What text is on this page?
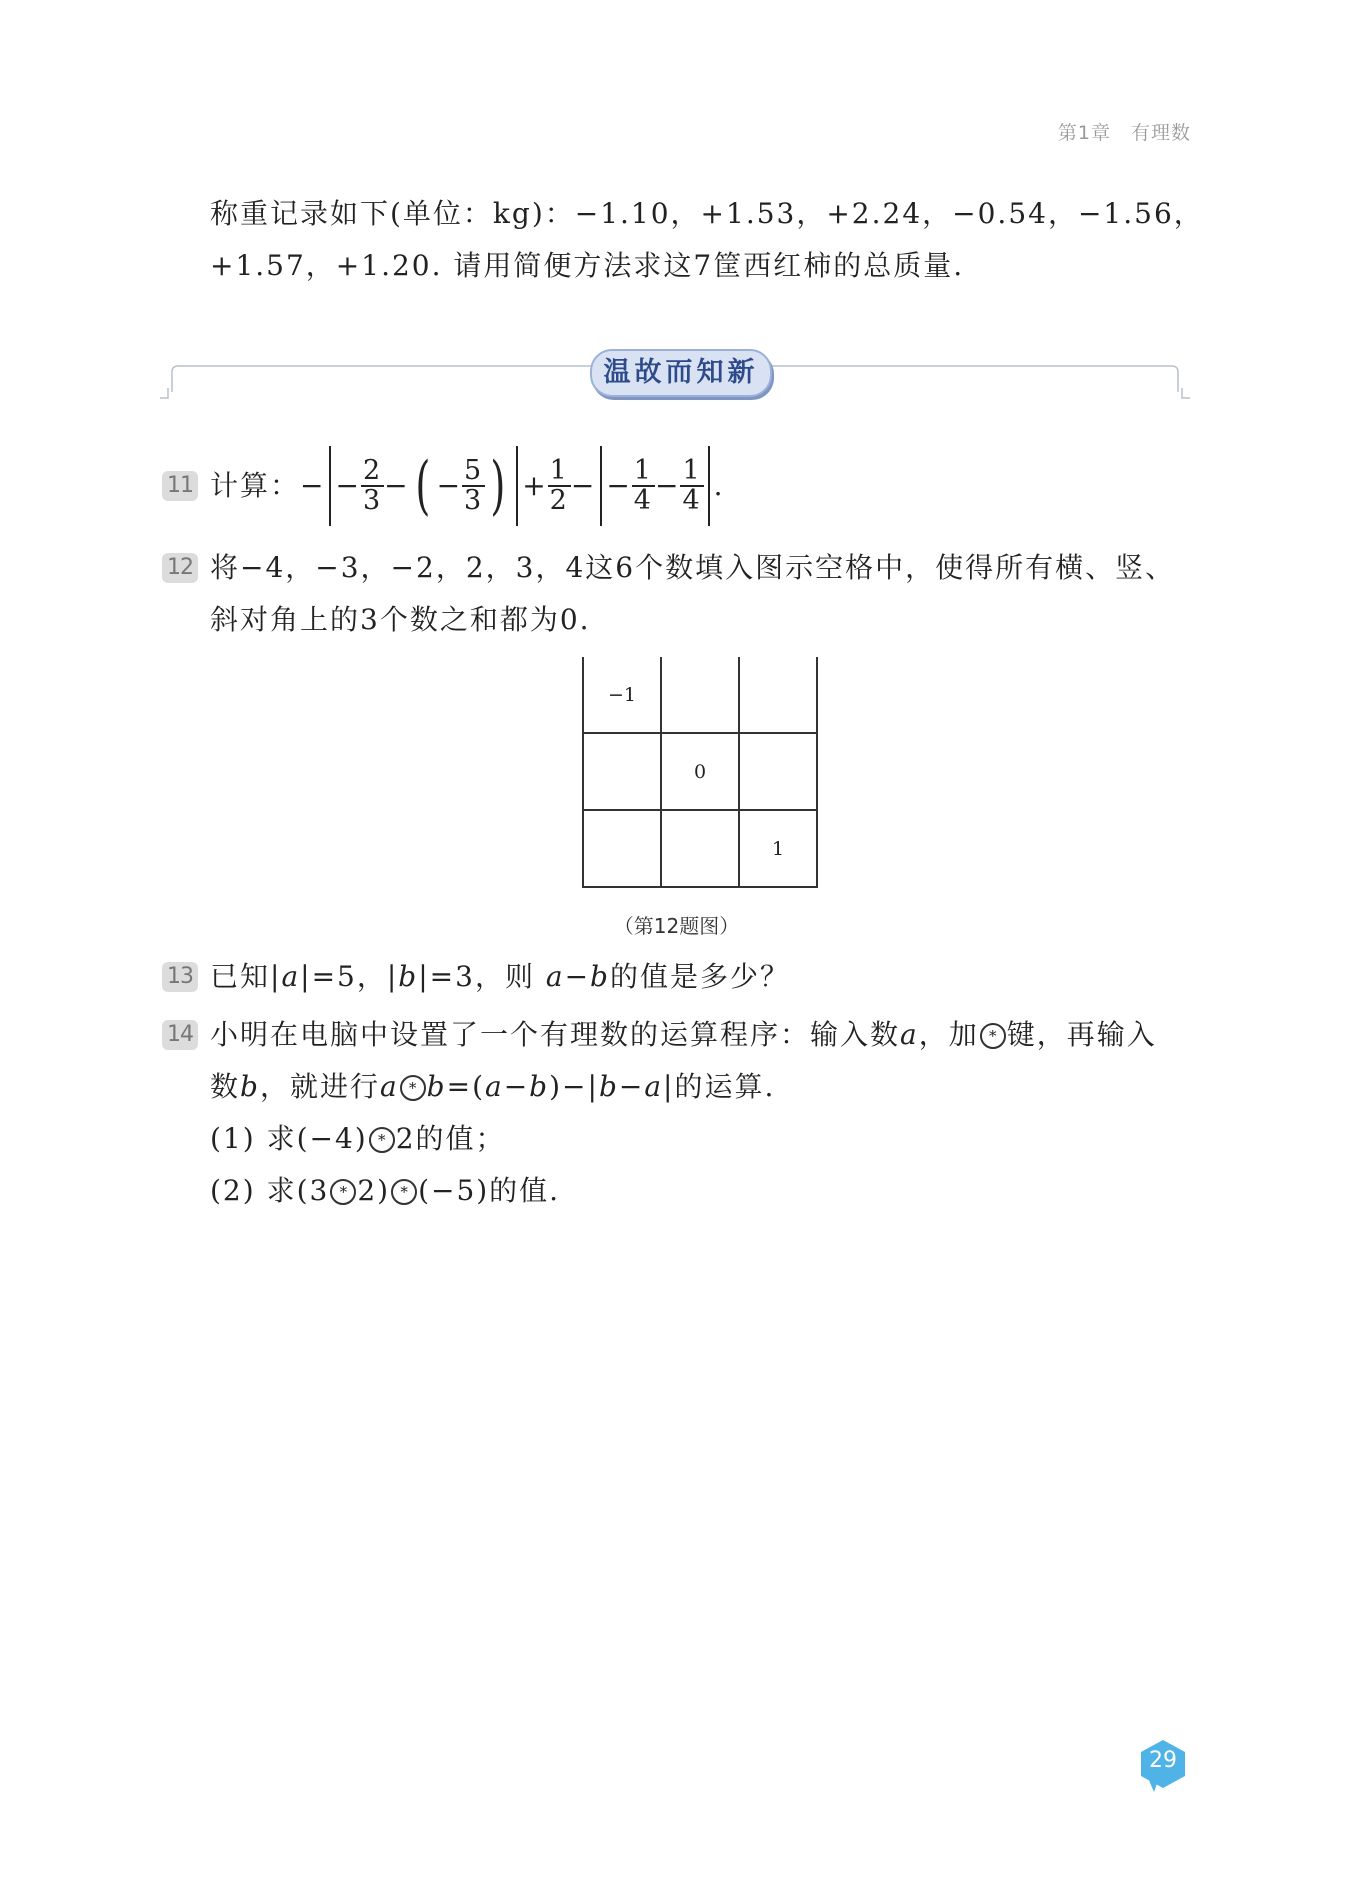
第1章 有理数
称重记录如下(单位：kg)：−1.10，+1.53，+2.24，−0.54，−1.56，
+1.57，+1.20. 请用简便方法求这7筐西红柿的总质量.
温故而知新
11 计算：− − $\frac{2}{3}$ −( − $\frac{5}{3}$ ) + $\frac{1}{2}$ − − $\frac{1}{4} - \frac{1}{4}$ .
12 将−4，−3，−2，2，3，4这6个数填入图示空格中，使得所有横、竖、
斜对角上的3个数之和都为0.
−1		
	0	
		1
（第12题图）
13 已知|a|=5，|b|=3，则 a−b的值是多少？
14 小明在电脑中设置了一个有理数的运算程序：输入数a，加 * 键，再输入
数b，就进行a * b=(a−b)−|b−a|的运算.
(1) 求(−4) * 2的值；
(2) 求(3 * 2) * (−5)的值.
29
